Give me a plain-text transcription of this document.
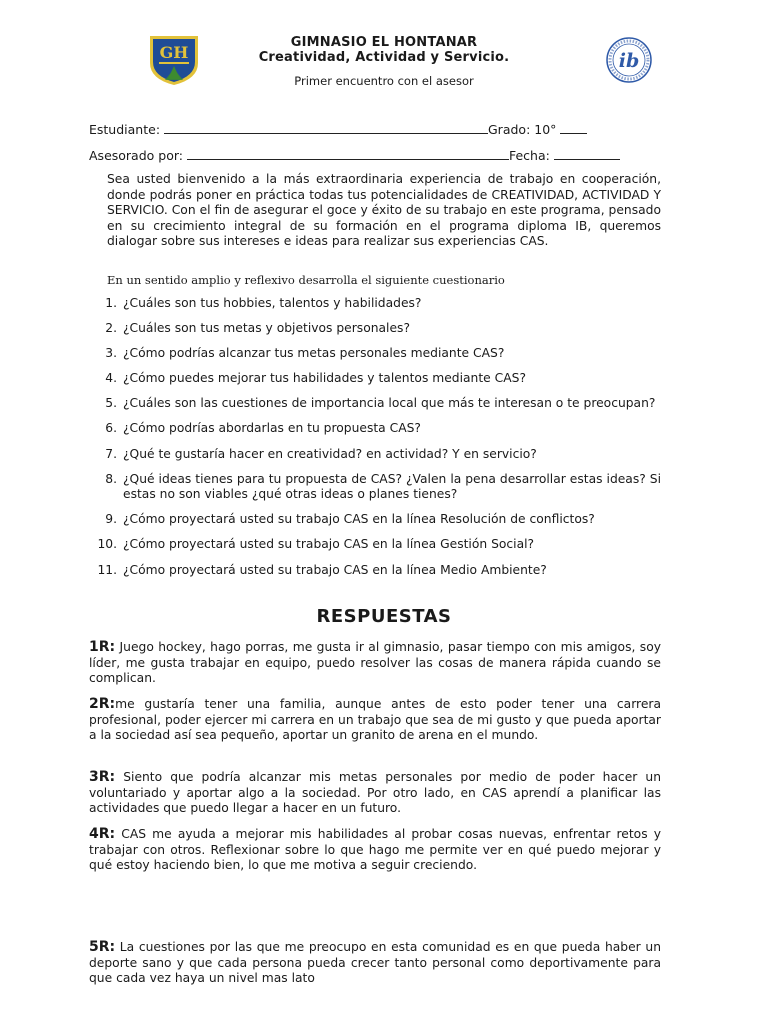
GH	ib
GIMNASIO EL HONTANAR
Creatividad, Actividad y Servicio.
Primer encuentro con el asesor
Estudiante:	Grado: 10°
Asesorado por:	Fecha:
Sea usted bienvenido a la más extraordinaria experiencia de trabajo en cooperación, donde podrás poner en práctica todas tus potencialidades de CREATIVIDAD, ACTIVIDAD Y SERVICIO. Con el fin de asegurar el goce y éxito de su trabajo en este programa, pensado en su crecimiento integral de su formación en el programa diploma IB, queremos dialogar sobre sus intereses e ideas para realizar sus experiencias CAS.
En un sentido amplio y reflexivo desarrolla el siguiente cuestionario
1. ¿Cuáles son tus hobbies, talentos y habilidades?
2. ¿Cuáles son tus metas y objetivos personales?
3. ¿Cómo podrías alcanzar tus metas personales mediante CAS?
4. ¿Cómo puedes mejorar tus habilidades y talentos mediante CAS?
5. ¿Cuáles son las cuestiones de importancia local que más te interesan o te preocupan?
6. ¿Cómo podrías abordarlas en tu propuesta CAS?
7. ¿Qué te gustaría hacer en creatividad? en actividad? Y en servicio?
8. ¿Qué ideas tienes para tu propuesta de CAS? ¿Valen la pena desarrollar estas ideas? Si estas no son viables ¿qué otras ideas o planes tienes?
9. ¿Cómo proyectará usted su trabajo CAS en la línea Resolución de conflictos?
10. ¿Cómo proyectará usted su trabajo CAS en la línea Gestión Social?
11. ¿Cómo proyectará usted su trabajo CAS en la línea Medio Ambiente?
RESPUESTAS
1R: Juego hockey, hago porras, me gusta ir al gimnasio, pasar tiempo con mis amigos, soy líder, me gusta trabajar en equipo, puedo resolver las cosas de manera rápida cuando se complican.
2R:me gustaría tener una familia, aunque antes de esto poder tener una carrera profesional, poder ejercer mi carrera en un trabajo que sea de mi gusto y que pueda aportar a la sociedad así sea pequeño, aportar un granito de arena en el mundo.
3R: Siento que podría alcanzar mis metas personales por medio de poder hacer un voluntariado y aportar algo a la sociedad. Por otro lado, en CAS aprendí a planificar las actividades que puedo llegar a hacer en un futuro.
4R: CAS me ayuda a mejorar mis habilidades al probar cosas nuevas, enfrentar retos y trabajar con otros. Reflexionar sobre lo que hago me permite ver en qué puedo mejorar y qué estoy haciendo bien, lo que me motiva a seguir creciendo.
5R: La cuestiones por las que me preocupo en esta comunidad es en que pueda haber un deporte sano y que cada persona pueda crecer tanto personal como deportivamente para que cada vez haya un nivel mas lato
